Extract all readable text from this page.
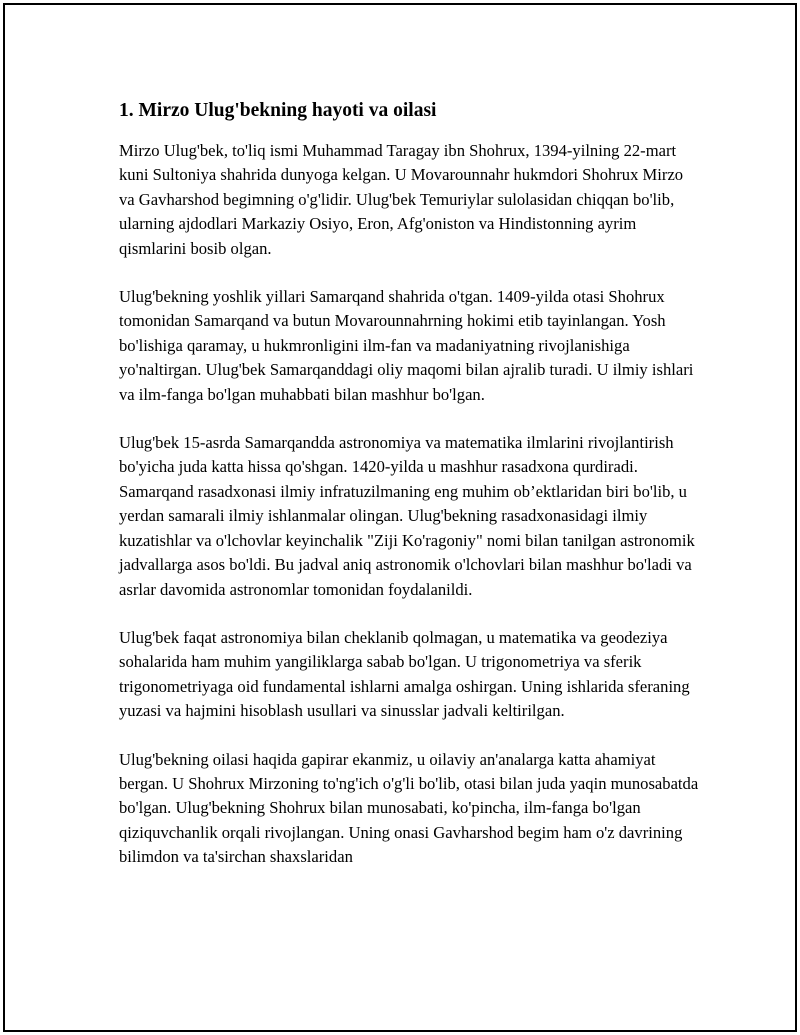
1. Mirzo Ulug'bekning hayoti va oilasi

Mirzo Ulug'bek, to'liq ismi Muhammad Taragay ibn Shohrux, 1394-yilning 22-mart kuni Sultoniya shahrida dunyoga kelgan. U Movarounnahr hukmdori Shohrux Mirzo va Gavharshod begimning o'g'lidir. Ulug'bek Temuriylar sulolasidan chiqqan bo'lib, ularning ajdodlari Markaziy Osiyo, Eron, Afg'oniston va Hindistonning ayrim qismlarini bosib olgan.

Ulug'bekning yoshlik yillari Samarqand shahrida o'tgan. 1409-yilda otasi Shohrux tomonidan Samarqand va butun Movarounnahrning hokimi etib tayinlangan. Yosh bo'lishiga qaramay, u hukmronligini ilm-fan va madaniyatning rivojlanishiga yo'naltirgan. Ulug'bek Samarqanddagi oliy maqomi bilan ajralib turadi. U ilmiy ishlari va ilm-fanga bo'lgan muhabbati bilan mashhur bo'lgan.

Ulug'bek 15-asrda Samarqandda astronomiya va matematika ilmlarini rivojlantirish bo'yicha juda katta hissa qo'shgan. 1420-yilda u mashhur rasadxona qurdiradi. Samarqand rasadxonasi ilmiy infratuzilmaning eng muhim ob’ektlaridan biri bo'lib, u yerdan samarali ilmiy ishlanmalar olingan. Ulug'bekning rasadxonasidagi ilmiy kuzatishlar va o'lchovlar keyinchalik "Ziji Ko'ragoniy" nomi bilan tanilgan astronomik jadvallarga asos bo'ldi. Bu jadval aniq astronomik o'lchovlari bilan mashhur bo'ladi va asrlar davomida astronomlar tomonidan foydalanildi.

Ulug'bek faqat astronomiya bilan cheklanib qolmagan, u matematika va geodeziya sohalarida ham muhim yangiliklarga sabab bo'lgan. U trigonometriya va sferik trigonometriyaga oid fundamental ishlarni amalga oshirgan. Uning ishlarida sferaning yuzasi va hajmini hisoblash usullari va sinusslar jadvali keltirilgan.

Ulug'bekning oilasi haqida gapirar ekanmiz, u oilaviy an'analarga katta ahamiyat bergan. U Shohrux Mirzoning to'ng'ich o'g'li bo'lib, otasi bilan juda yaqin munosabatda bo'lgan. Ulug'bekning Shohrux bilan munosabati, ko'pincha, ilm-fanga bo'lgan qiziquvchanlik orqali rivojlangan. Uning onasi Gavharshod begim ham o'z davrining bilimdon va ta'sirchan shaxslaridan
